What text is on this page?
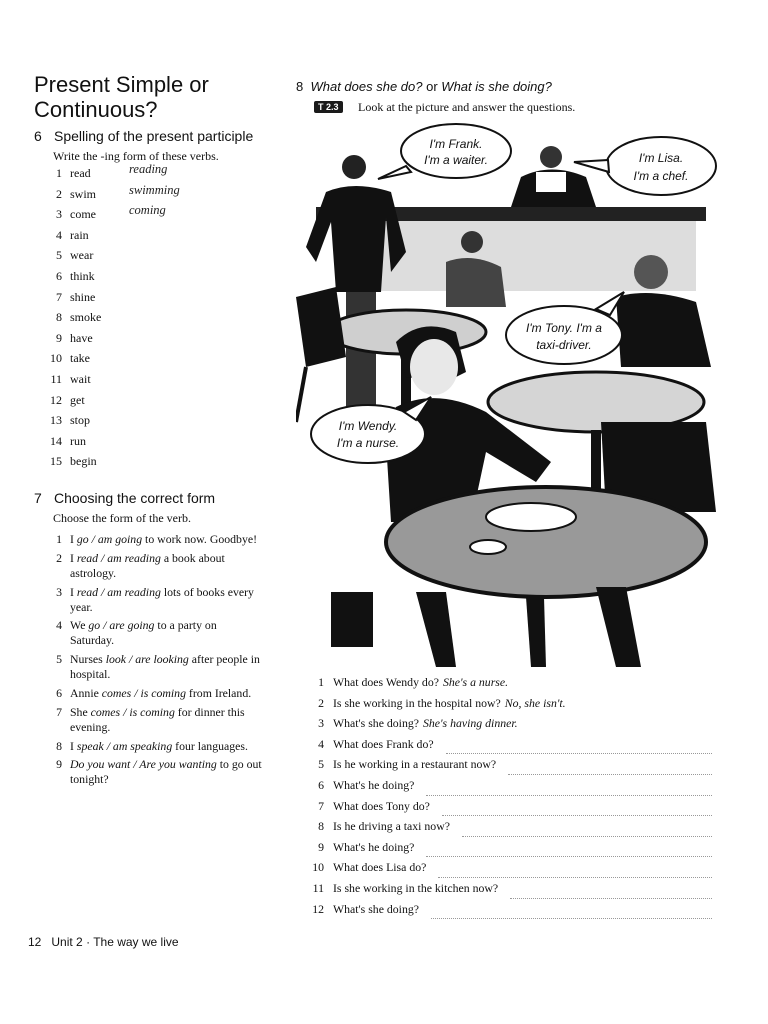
Present Simple or Continuous?
6 Spelling of the present participle
Write the -ing form of these verbs.
1 read	reading
2 swim	swimming
3 come	coming
4 rain
5 wear
6 think
7 shine
8 smoke
9 have
10 take
11 wait
12 get
13 stop
14 run
15 begin
7 Choosing the correct form
Choose the form of the verb.
1 I go / am going to work now. Goodbye!
2 I read / am reading a book about astrology.
3 I read / am reading lots of books every year.
4 We go / are going to a party on Saturday.
5 Nurses look / are looking after people in hospital.
6 Annie comes / is coming from Ireland.
7 She comes / is coming for dinner this evening.
8 I speak / am speaking four languages.
9 Do you want / Are you wanting to go out tonight?
8 What does she do? or What is she doing?
T 2.3	Look at the picture and answer the questions.
I'm Frank.
I'm a waiter.	I'm Lisa.
I'm a chef.
I'm Tony. I'm a
taxi-driver.
I'm Wendy.
I'm a nurse.
1 What does Wendy do? She's a nurse.
2 Is she working in the hospital now? No, she isn't.
3 What's she doing? She's having dinner.
4 What does Frank do?
5 Is he working in a restaurant now?
6 What's he doing?
7 What does Tony do?
8 Is he driving a taxi now?
9 What's he doing?
10 What does Lisa do?
11 Is she working in the kitchen now?
12 What's she doing?
12 Unit 2 · The way we live
